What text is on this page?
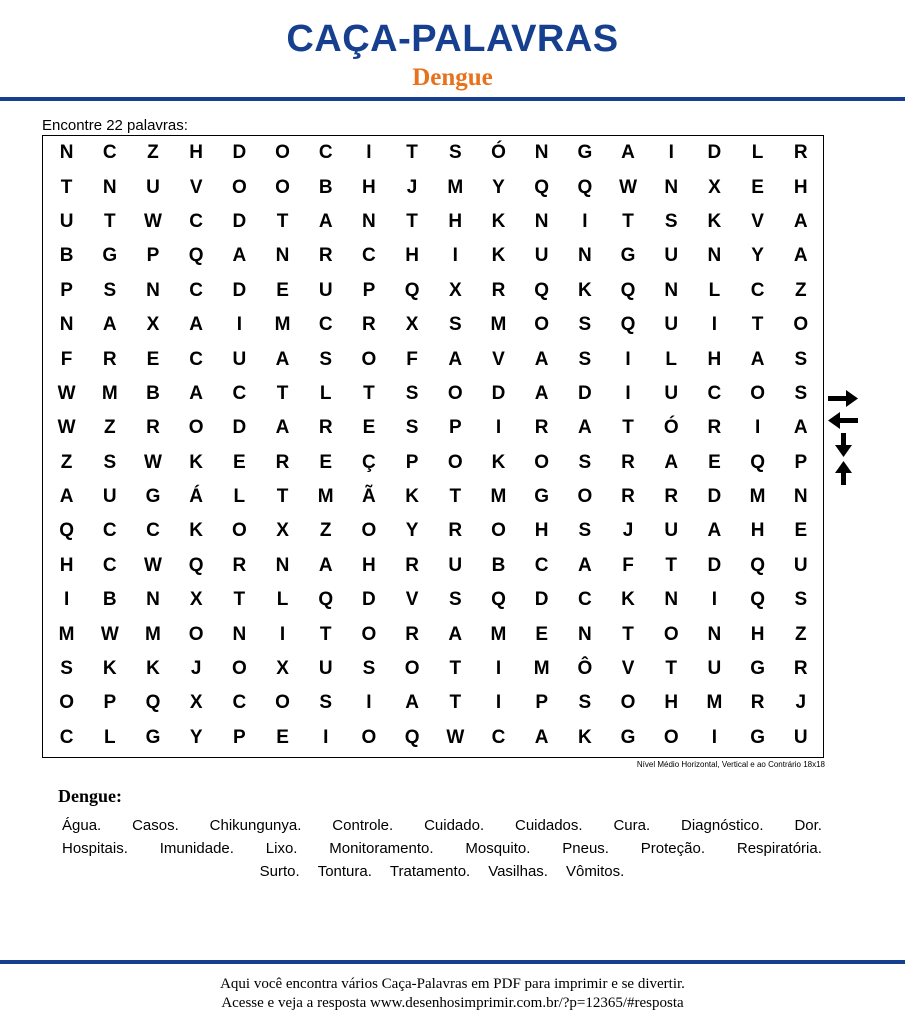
CAÇA-PALAVRAS
Dengue
Encontre 22 palavras:
N	C	Z	H	D	O	C	I	T	S	Ó	N	G	A	I	D	L	R
T	N	U	V	O	O	B	H	J	M	Y	Q	Q	W	N	X	E	H
U	T	W	C	D	T	A	N	T	H	K	N	I	T	S	K	V	A
B	G	P	Q	A	N	R	C	H	I	K	U	N	G	U	N	Y	A
P	S	N	C	D	E	U	P	Q	X	R	Q	K	Q	N	L	C	Z
N	A	X	A	I	M	C	R	X	S	M	O	S	Q	U	I	T	O
F	R	E	C	U	A	S	O	F	A	V	A	S	I	L	H	A	S
W	M	B	A	C	T	L	T	S	O	D	A	D	I	U	C	O	S
W	Z	R	O	D	A	R	E	S	P	I	R	A	T	Ó	R	I	A
Z	S	W	K	E	R	E	Ç	P	O	K	O	S	R	A	E	Q	P
A	U	G	Á	L	T	M	Ã	K	T	M	G	O	R	R	D	M	N
Q	C	C	K	O	X	Z	O	Y	R	O	H	S	J	U	A	H	E
H	C	W	Q	R	N	A	H	R	U	B	C	A	F	T	D	Q	U
I	B	N	X	T	L	Q	D	V	S	Q	D	C	K	N	I	Q	S
M	W	M	O	N	I	T	O	R	A	M	E	N	T	O	N	H	Z
S	K	K	J	O	X	U	S	O	T	I	M	Ô	V	T	U	G	R
O	P	Q	X	C	O	S	I	A	T	I	P	S	O	H	M	R	J
C	L	G	Y	P	E	I	O	Q	W	C	A	K	G	O	I	G	U
Nível Médio Horizontal, Vertical e ao Contrário 18x18
Dengue:
Água. Casos. Chikungunya. Controle. Cuidado. Cuidados. Cura. Diagnóstico. Dor.
Hospitais. Imunidade. Lixo. Monitoramento. Mosquito. Pneus. Proteção. Respiratória.
Surto. Tontura. Tratamento. Vasilhas. Vômitos.
Aqui você encontra vários Caça-Palavras em PDF para imprimir e se divertir.
Acesse e veja a resposta www.desenhosimprimir.com.br/?p=12365/#resposta
